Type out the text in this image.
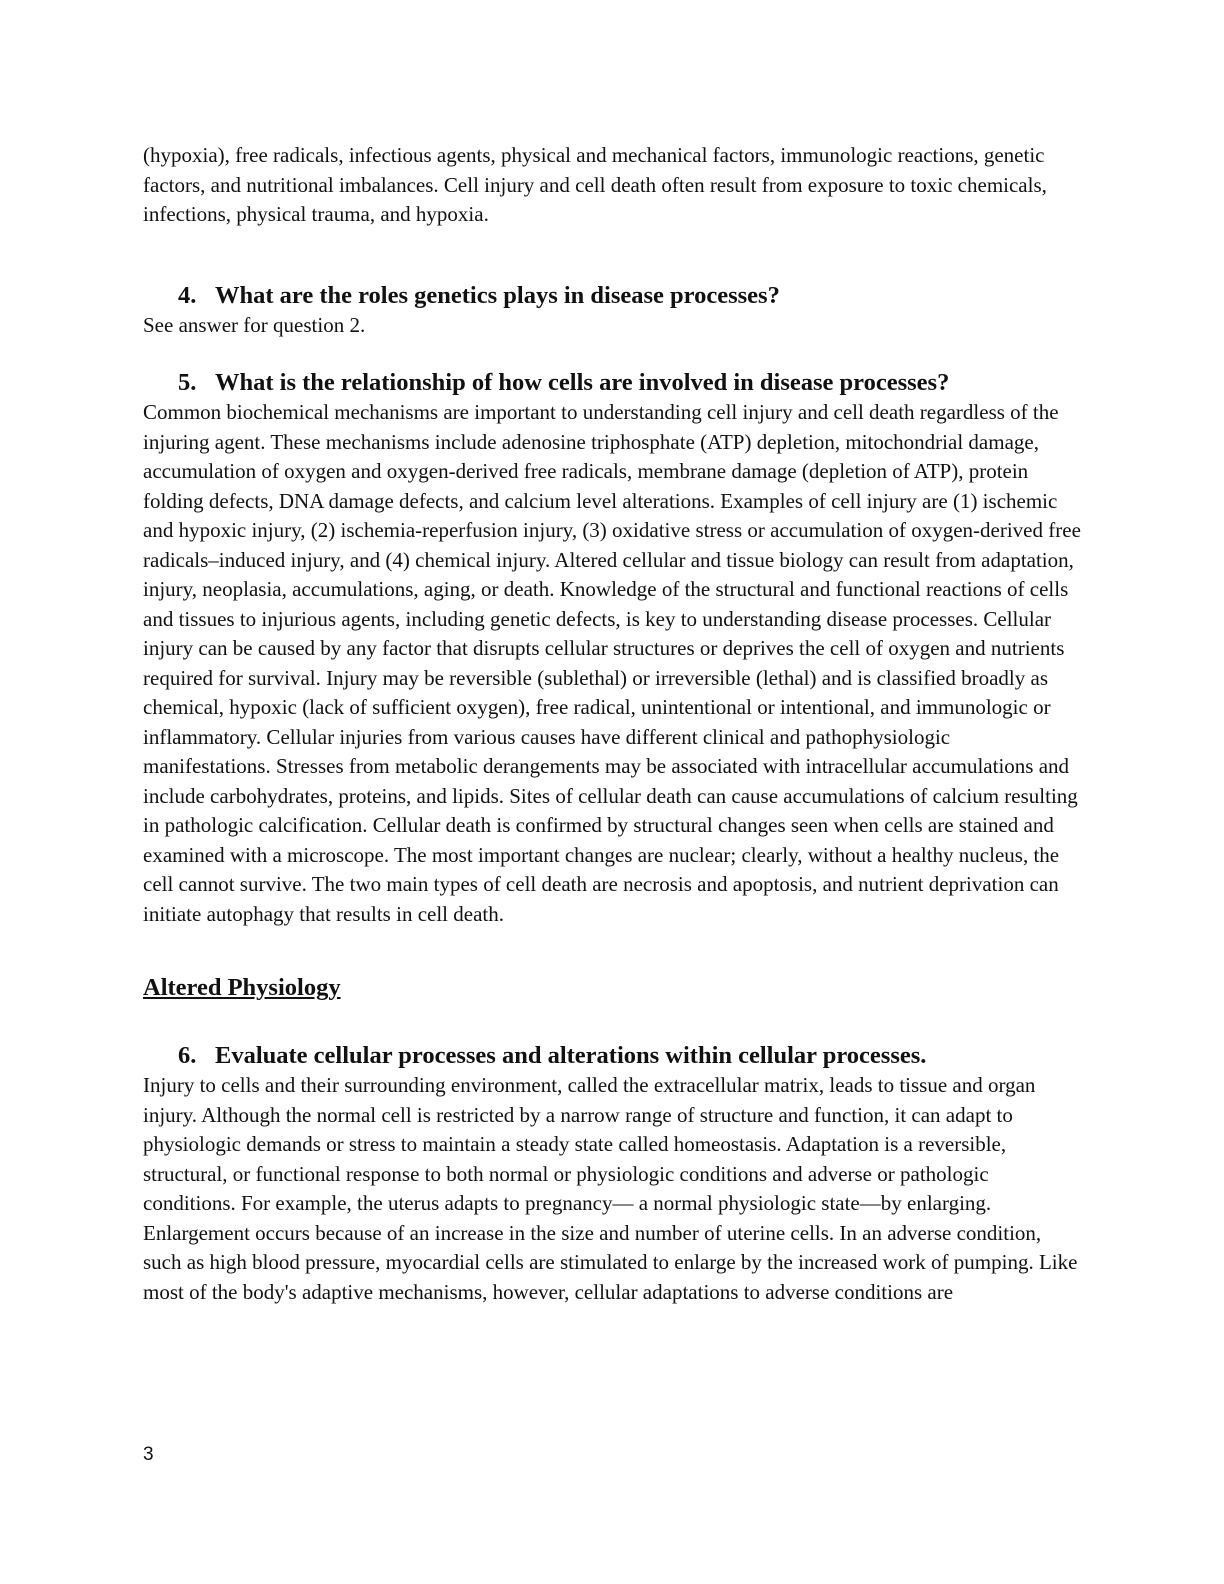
(hypoxia), free radicals, infectious agents, physical and mechanical factors, immunologic reactions, genetic factors, and nutritional imbalances. Cell injury and cell death often result from exposure to toxic chemicals, infections, physical trauma, and hypoxia.

4. What are the roles genetics plays in disease processes?

See answer for question 2.

5. What is the relationship of how cells are involved in disease processes?

Common biochemical mechanisms are important to understanding cell injury and cell death regardless of the injuring agent. These mechanisms include adenosine triphosphate (ATP) depletion, mitochondrial damage, accumulation of oxygen and oxygen-derived free radicals, membrane damage (depletion of ATP), protein folding defects, DNA damage defects, and calcium level alterations. Examples of cell injury are (1) ischemic and hypoxic injury, (2) ischemia-reperfusion injury, (3) oxidative stress or accumulation of oxygen-derived free radicals–induced injury, and (4) chemical injury. Altered cellular and tissue biology can result from adaptation, injury, neoplasia, accumulations, aging, or death. Knowledge of the structural and functional reactions of cells and tissues to injurious agents, including genetic defects, is key to understanding disease processes. Cellular injury can be caused by any factor that disrupts cellular structures or deprives the cell of oxygen and nutrients required for survival. Injury may be reversible (sublethal) or irreversible (lethal) and is classified broadly as chemical, hypoxic (lack of sufficient oxygen), free radical, unintentional or intentional, and immunologic or inflammatory. Cellular injuries from various causes have different clinical and pathophysiologic manifestations. Stresses from metabolic derangements may be associated with intracellular accumulations and include carbohydrates, proteins, and lipids. Sites of cellular death can cause accumulations of calcium resulting in pathologic calcification. Cellular death is confirmed by structural changes seen when cells are stained and examined with a microscope. The most important changes are nuclear; clearly, without a healthy nucleus, the cell cannot survive. The two main types of cell death are necrosis and apoptosis, and nutrient deprivation can initiate autophagy that results in cell death.

Altered Physiology
6. Evaluate cellular processes and alterations within cellular processes.

Injury to cells and their surrounding environment, called the extracellular matrix, leads to tissue and organ injury. Although the normal cell is restricted by a narrow range of structure and function, it can adapt to physiologic demands or stress to maintain a steady state called homeostasis. Adaptation is a reversible, structural, or functional response to both normal or physiologic conditions and adverse or pathologic conditions. For example, the uterus adapts to pregnancy— a normal physiologic state—by enlarging. Enlargement occurs because of an increase in the size and number of uterine cells. In an adverse condition, such as high blood pressure, myocardial cells are stimulated to enlarge by the increased work of pumping. Like most of the body's adaptive mechanisms, however, cellular adaptations to adverse conditions are

3
